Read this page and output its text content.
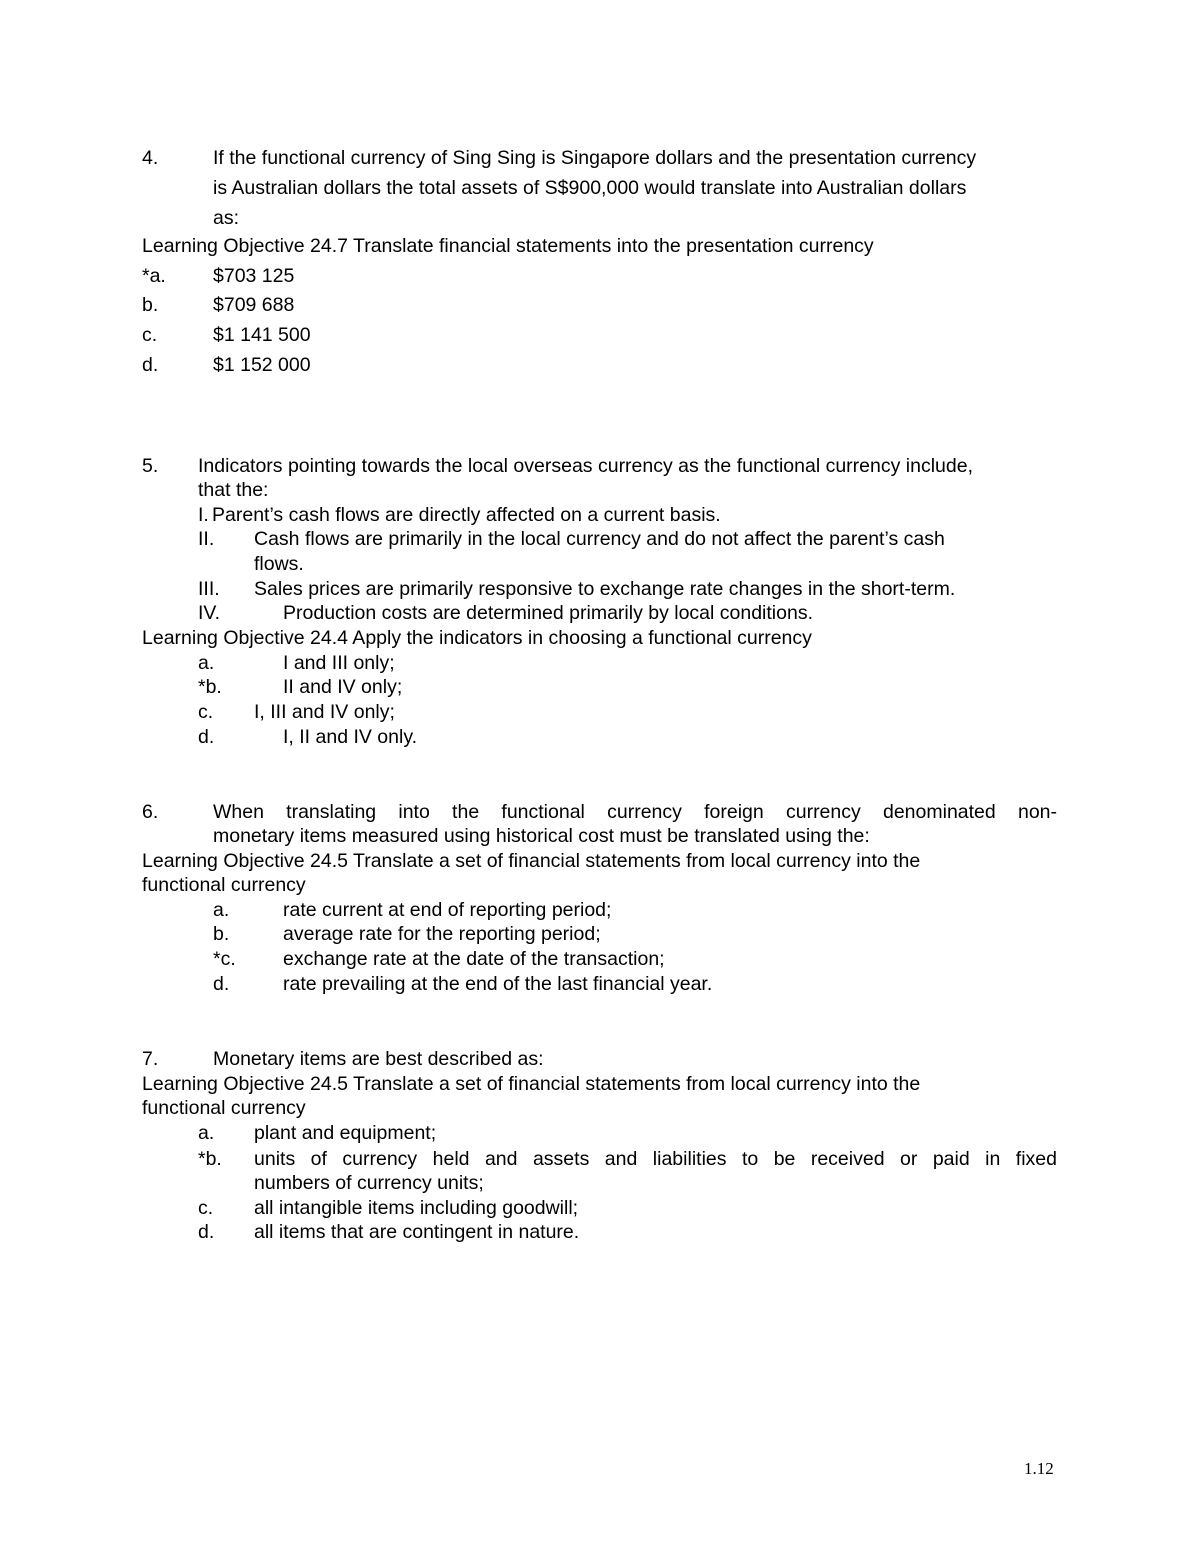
4.	If the functional currency of Sing Sing is Singapore dollars and the presentation currency
is Australian dollars the total assets of S$900,000 would translate into Australian dollars
as:
Learning Objective 24.7 Translate financial statements into the presentation currency
*a. $703 125
b.	$709 688
c.	$1 141 500
d.	$1 152 000
5. Indicators pointing towards the local overseas currency as the functional currency include,
that the:
I. Parent’s cash flows are directly affected on a current basis.
II. Cash flows are primarily in the local currency and do not affect the parent’s cash
flows.
III. Sales prices are primarily responsive to exchange rate changes in the short-term.
IV.	Production costs are determined primarily by local conditions.
Learning Objective 24.4 Apply the indicators in choosing a functional currency
a.	I and III only;
*b.	II and IV only;
c. I, III and IV only;
d.	I, II and IV only.
6.	When translating into the functional currency foreign currency denominated non-
monetary items measured using historical cost must be translated using the:
Learning Objective 24.5 Translate a set of financial statements from local currency into the
functional currency
a.	rate current at end of reporting period;
b.	average rate for the reporting period;
*c. exchange rate at the date of the transaction;
d.	rate prevailing at the end of the last financial year.
7.	Monetary items are best described as:
Learning Objective 24.5 Translate a set of financial statements from local currency into the
functional currency
a. plant and equipment;
*b. units of currency held and assets and liabilities to be received or paid in fixed
numbers of currency units;
c. all intangible items including goodwill;
d. all items that are contingent in nature.
1.12
